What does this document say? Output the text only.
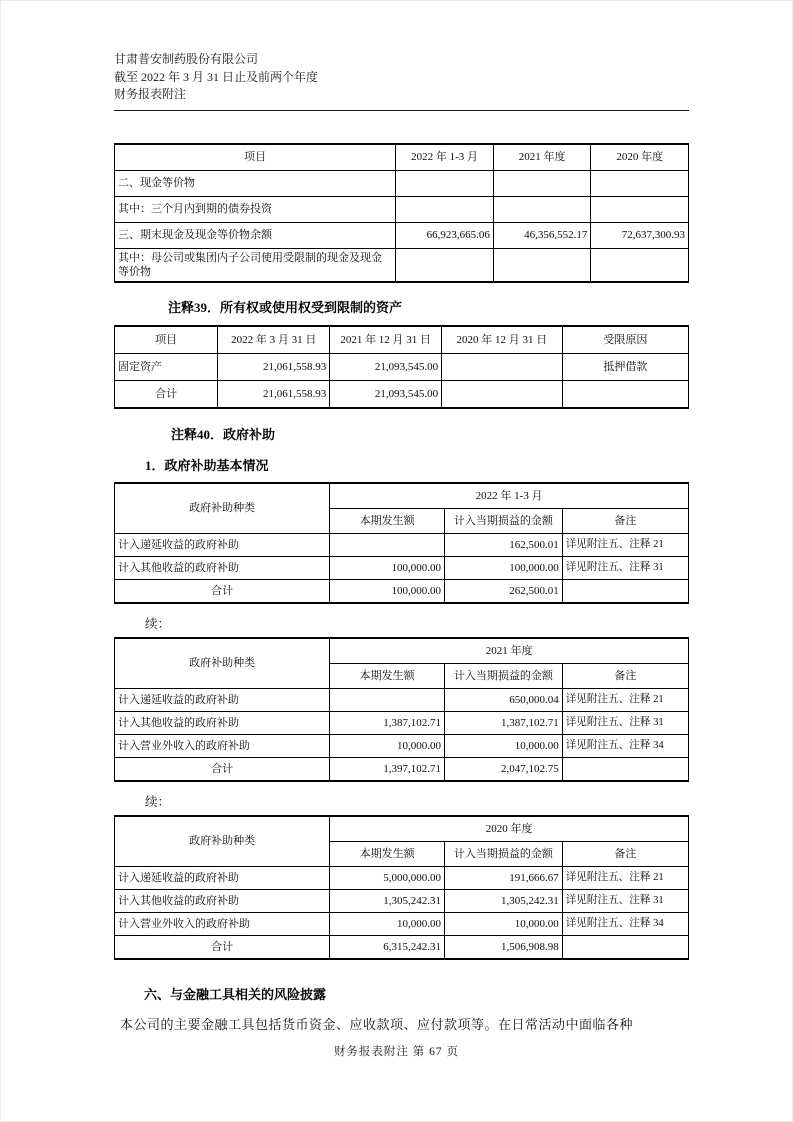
甘肃普安制药股份有限公司
截至 2022 年 3 月 31 日止及前两个年度
财务报表附注
项目	2022 年 1-3 月	2021 年度	2020 年度
二、现金等价物			
其中：三个月内到期的债券投资			
三、期末现金及现金等价物余额	66,923,665.06	46,356,552.17	72,637,300.93
其中：母公司或集团内子公司使用受限制的现金及现金等价物			
注释39．所有权或使用权受到限制的资产
项目	2022 年 3 月 31 日	2021 年 12 月 31 日	2020 年 12 月 31 日	受限原因
固定资产	21,061,558.93	21,093,545.00		抵押借款
合计	21,061,558.93	21,093,545.00		
注释40．政府补助
1．政府补助基本情况
政府补助种类	2022 年 1-3 月		
	本期发生额	计入当期损益的金额	备注
计入递延收益的政府补助		162,500.01	详见附注五、注释 21
计入其他收益的政府补助	100,000.00	100,000.00	详见附注五、注释 31
合计	100,000.00	262,500.01	
续：
政府补助种类	2021 年度		
	本期发生额	计入当期损益的金额	备注
计入递延收益的政府补助		650,000.04	详见附注五、注释 21
计入其他收益的政府补助	1,387,102.71	1,387,102.71	详见附注五、注释 31
计入营业外收入的政府补助	10,000.00	10,000.00	详见附注五、注释 34
合计	1,397,102.71	2,047,102.75	
续：
政府补助种类	2020 年度		
	本期发生额	计入当期损益的金额	备注
计入递延收益的政府补助	5,000,000.00	191,666.67	详见附注五、注释 21
计入其他收益的政府补助	1,305,242.31	1,305,242.31	详见附注五、注释 31
计入营业外收入的政府补助	10,000.00	10,000.00	详见附注五、注释 34
合计	6,315,242.31	1,506,908.98	
六、与金融工具相关的风险披露
本公司的主要金融工具包括货币资金、应收款项、应付款项等。在日常活动中面临各种
财务报表附注 第 67 页
